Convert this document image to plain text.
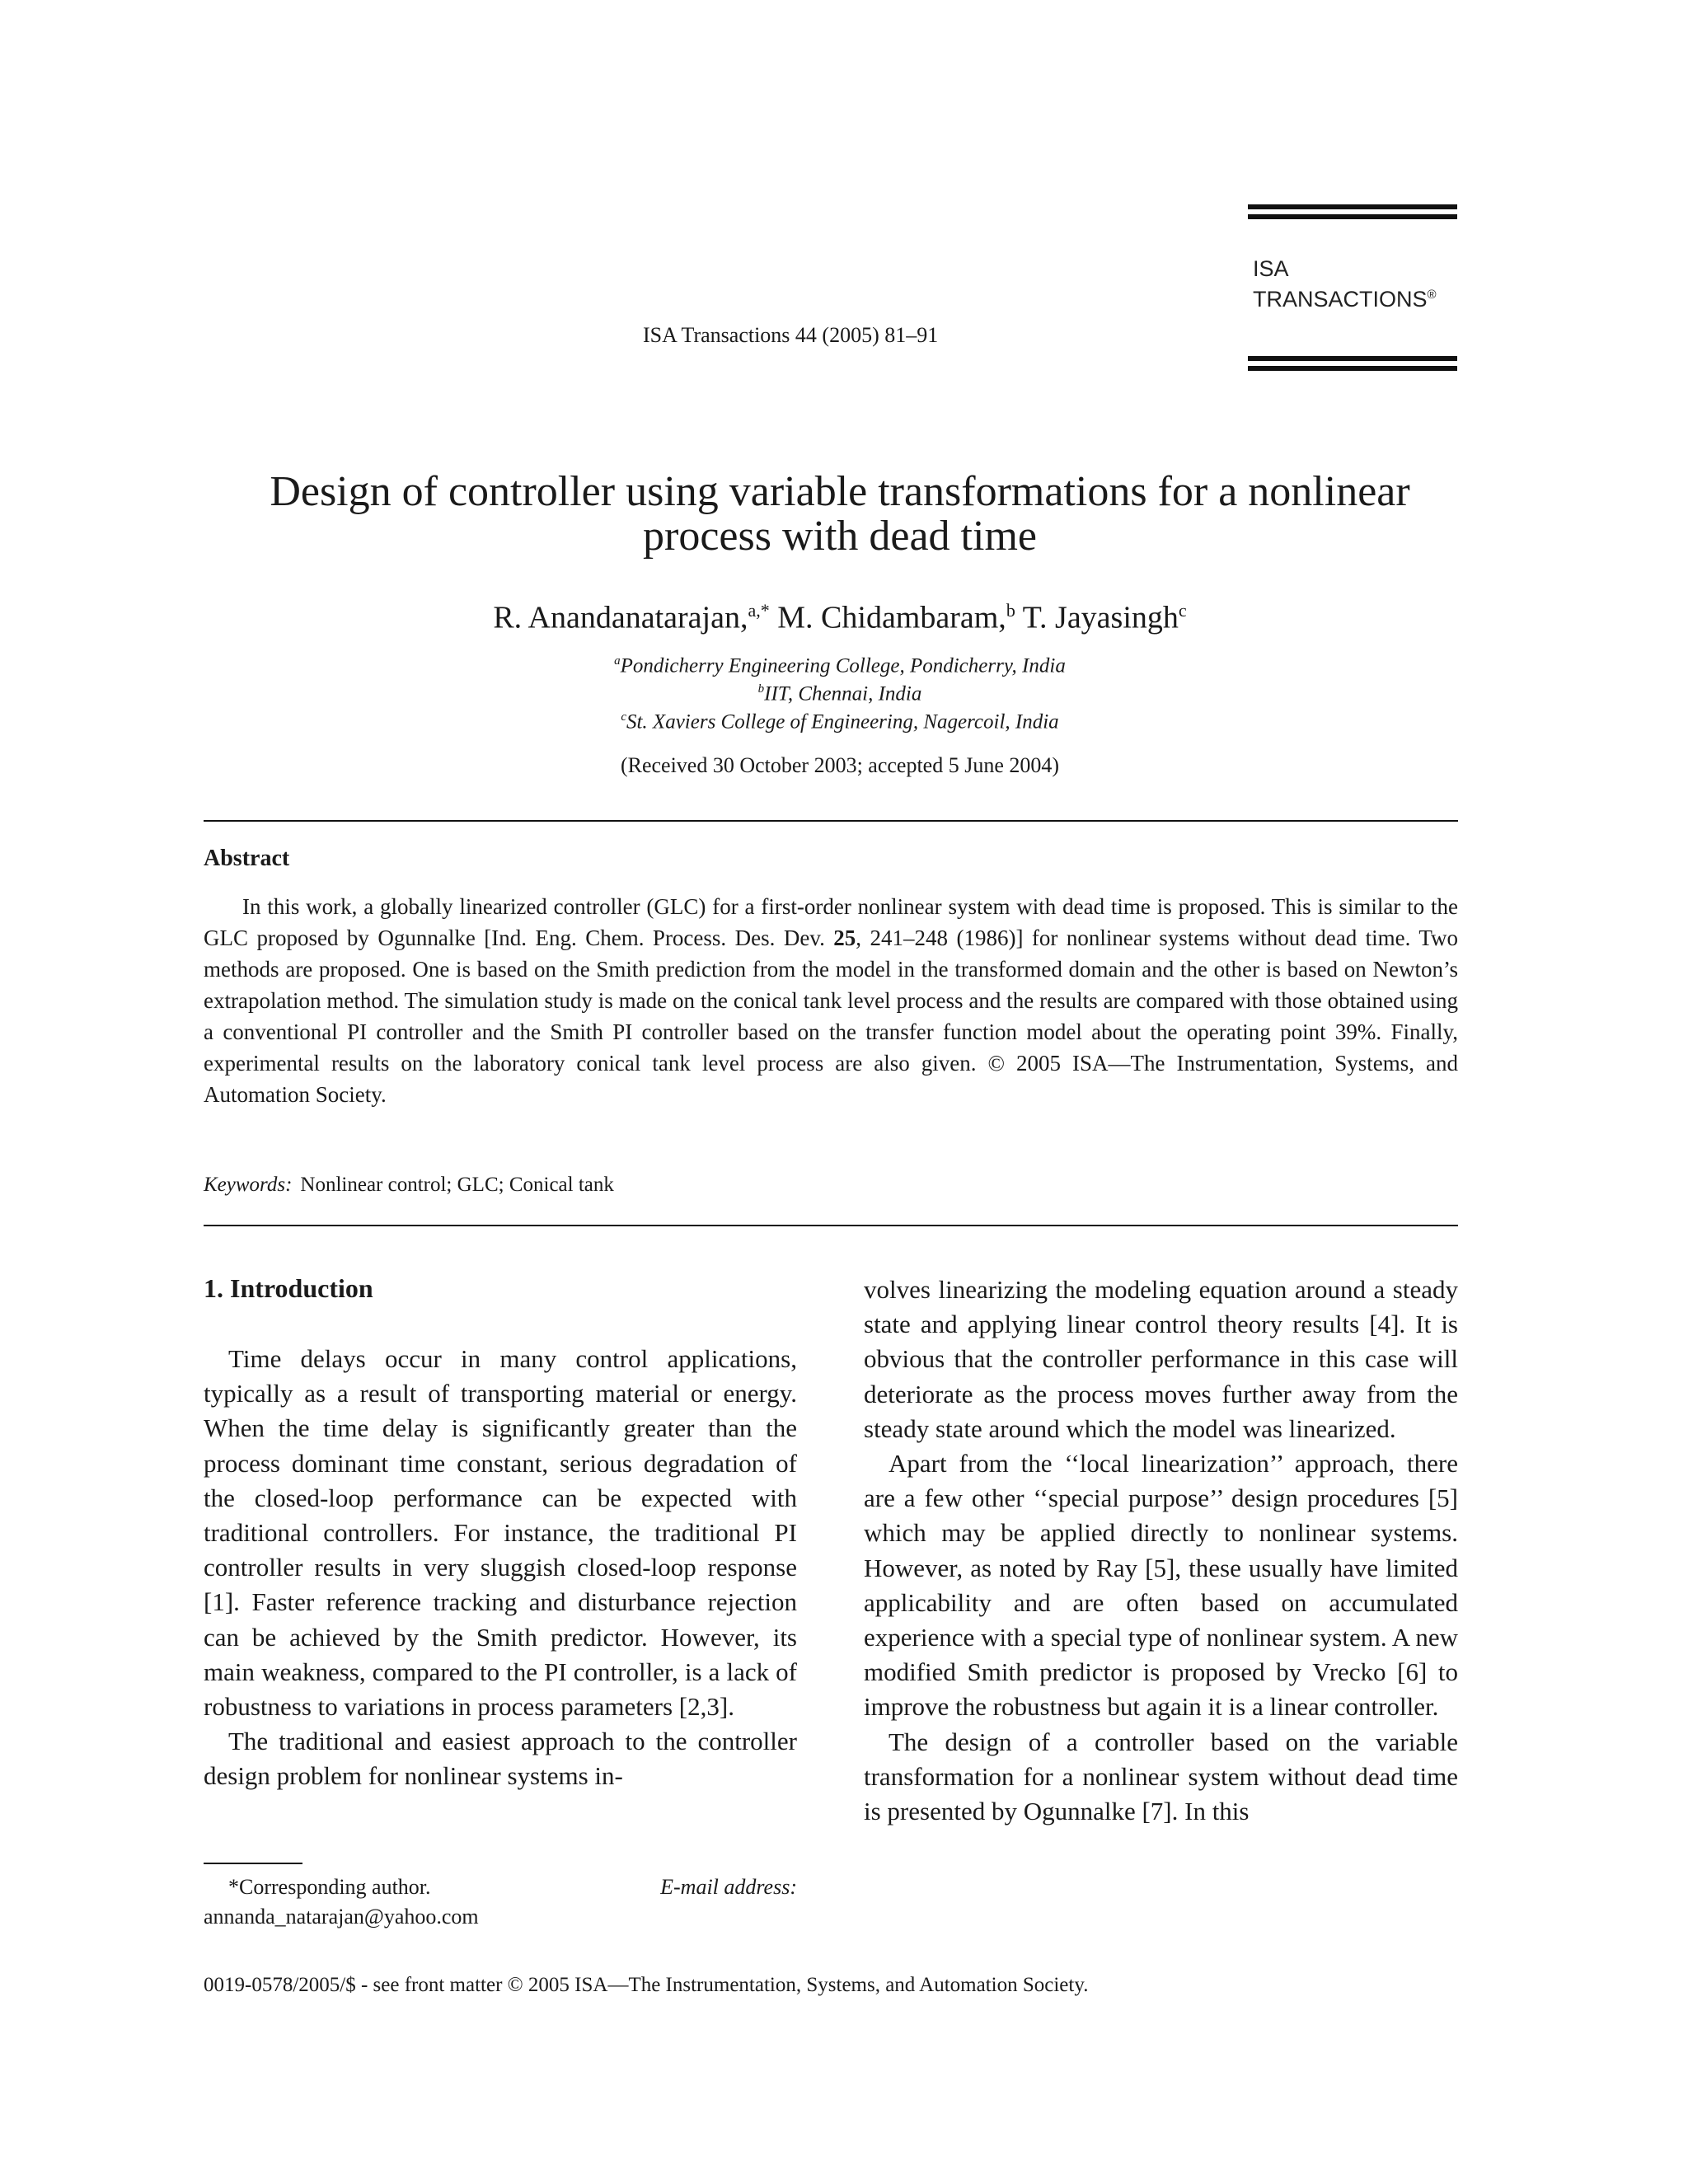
ISA
TRANSACTIONS®
ISA Transactions 44 (2005) 81–91
Design of controller using variable transformations for a nonlinear
process with dead time
R. Anandanatarajan,$^{a,*}$ M. Chidambaram,$^b$ T. Jayasingh$^c$
$^a$Pondicherry Engineering College, Pondicherry, India
$^b$IIT, Chennai, India
$^c$St. Xaviers College of Engineering, Nagercoil, India
(Received 30 October 2003; accepted 5 June 2004)
Abstract
In this work, a globally linearized controller (GLC) for a first-order nonlinear system with dead time is proposed. This is similar to the GLC proposed by Ogunnalke [Ind. Eng. Chem. Process. Des. Dev. 25, 241–248 (1986)] for nonlinear systems without dead time. Two methods are proposed. One is based on the Smith prediction from the model in the transformed domain and the other is based on Newton’s extrapolation method. The simulation study is made on the conical tank level process and the results are compared with those obtained using a conventional PI controller and the Smith PI controller based on the transfer function model about the operating point 39%. Finally, experimental results on the laboratory conical tank level process are also given. © 2005 ISA—The Instrumentation, Systems, and Automation Society.
Keywords: Nonlinear control; GLC; Conical tank
1. Introduction

Time delays occur in many control applications, typically as a result of transporting material or energy. When the time delay is significantly greater than the process dominant time constant, serious degradation of the closed-loop performance can be expected with traditional controllers. For instance, the traditional PI controller results in very sluggish closed-loop response [1]. Faster reference tracking and disturbance rejection can be achieved by the Smith predictor. However, its main weakness, compared to the PI controller, is a lack of robustness to variations in process parameters [2,3].

The traditional and easiest approach to the controller design problem for nonlinear systems in-

volves linearizing the modeling equation around a steady state and applying linear control theory results [4]. It is obvious that the controller performance in this case will deteriorate as the process moves further away from the steady state around which the model was linearized.

Apart from the ‘‘local linearization’’ approach, there are a few other ‘‘special purpose’’ design procedures [5] which may be applied directly to nonlinear systems. However, as noted by Ray [5], these usually have limited applicability and are often based on accumulated experience with a special type of nonlinear system. A new modified Smith predictor is proposed by Vrecko [6] to improve the robustness but again it is a linear controller.

The design of a controller based on the variable transformation for a nonlinear system without dead time is presented by Ogunnalke [7]. In this

*Corresponding author.	E-mail address:
annanda_natarajan@yahoo.com
0019-0578/2005/$ - see front matter © 2005 ISA—The Instrumentation, Systems, and Automation Society.
